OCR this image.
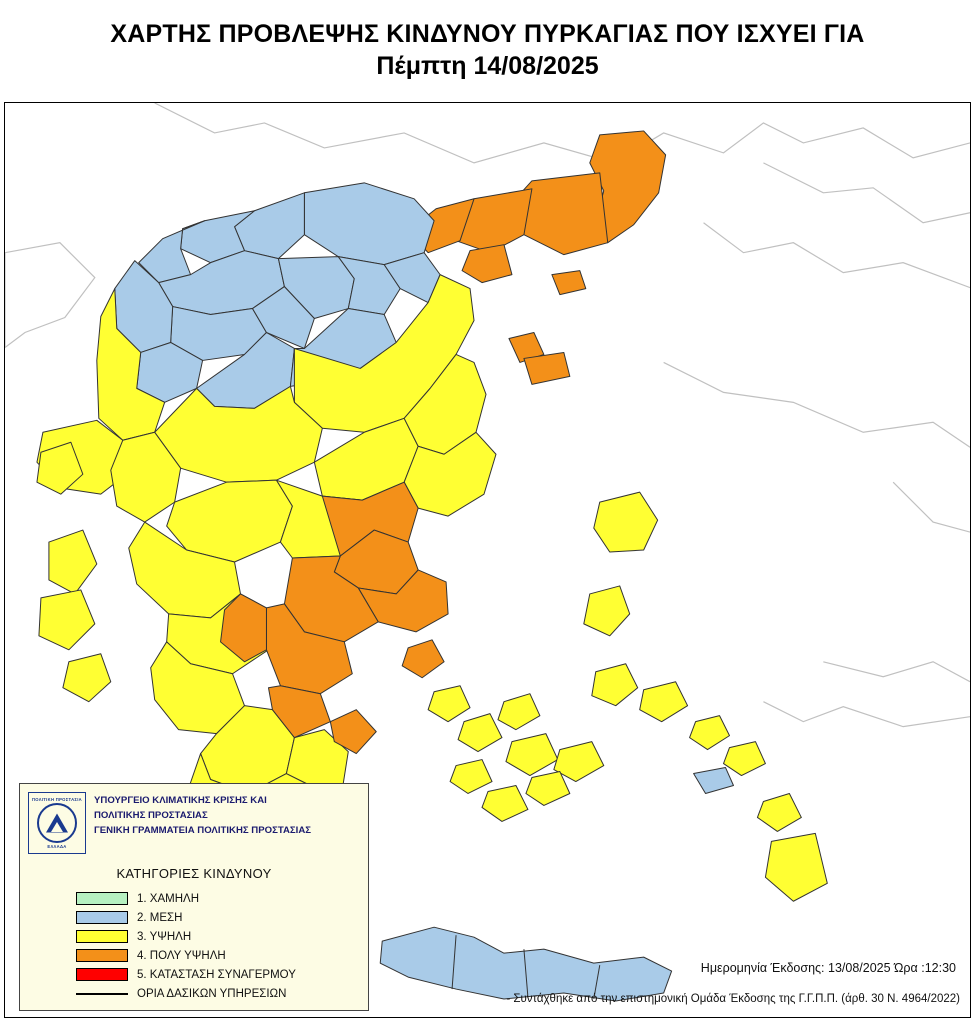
ΧΑΡΤΗΣ ΠΡΟΒΛΕΨΗΣ ΚΙΝΔΥΝΟΥ ΠΥΡΚΑΓΙΑΣ ΠΟΥ ΙΣΧΥΕΙ ΓΙΑ
Πέμπτη 14/08/2025
ΠΟΛΙΤΙΚΗ ΠΡΟΣΤΑΣΙΑ
ΕΛΛΑΔΑ
ΥΠΟΥΡΓΕΙΟ ΚΛΙΜΑΤΙΚΗΣ ΚΡΙΣΗΣ ΚΑΙ
ΠΟΛΙΤΙΚΗΣ ΠΡΟΣΤΑΣΙΑΣ
ΓΕΝΙΚΗ ΓΡΑΜΜΑΤΕΙΑ ΠΟΛΙΤΙΚΗΣ ΠΡΟΣΤΑΣΙΑΣ
ΚΑΤΗΓΟΡΙΕΣ ΚΙΝΔΥΝΟΥ
1. ΧΑΜΗΛΗ
2. ΜΕΣΗ
3. ΥΨΗΛΗ
4. ΠΟΛΥ ΥΨΗΛΗ
5. ΚΑΤΑΣΤΑΣΗ ΣΥΝΑΓΕΡΜΟΥ
ΟΡΙΑ ΔΑΣΙΚΩΝ ΥΠΗΡΕΣΙΩΝ
Ημερομηνία Έκδοσης: 13/08/2025 Ώρα :12:30
- Συντάχθηκε από την επιστημονική Ομάδα Έκδοσης της Γ.Γ.Π.Π. (άρθ. 30 Ν. 4964/2022)
